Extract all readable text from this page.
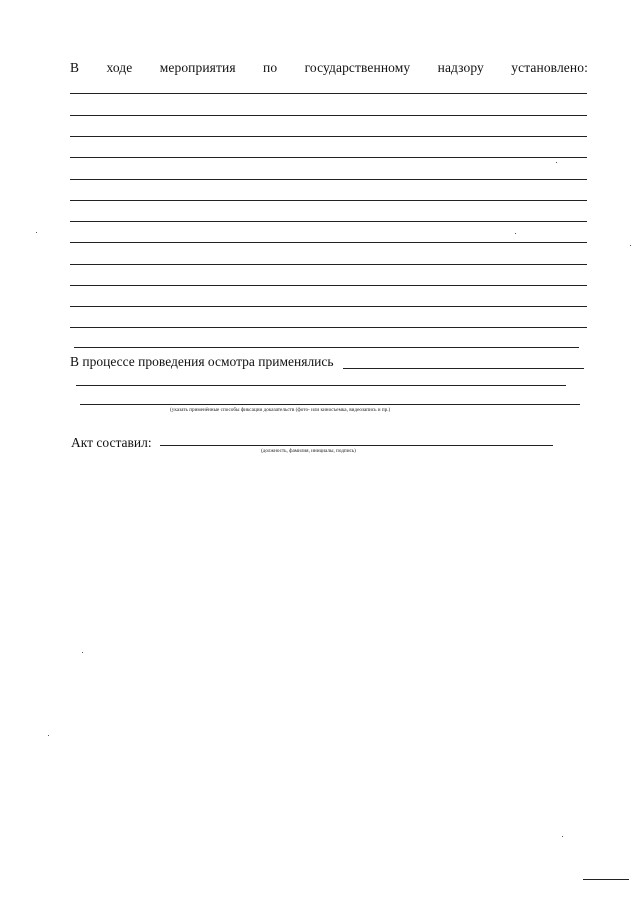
В ходе мероприятия по государственному надзору установлено:
В процессе проведения осмотра применялись
(указать применённые способы фиксации доказательств (фото- или киносъемка, видеозапись и пр.)
Акт составил:
(должность, фамилия, инициалы, подпись)
